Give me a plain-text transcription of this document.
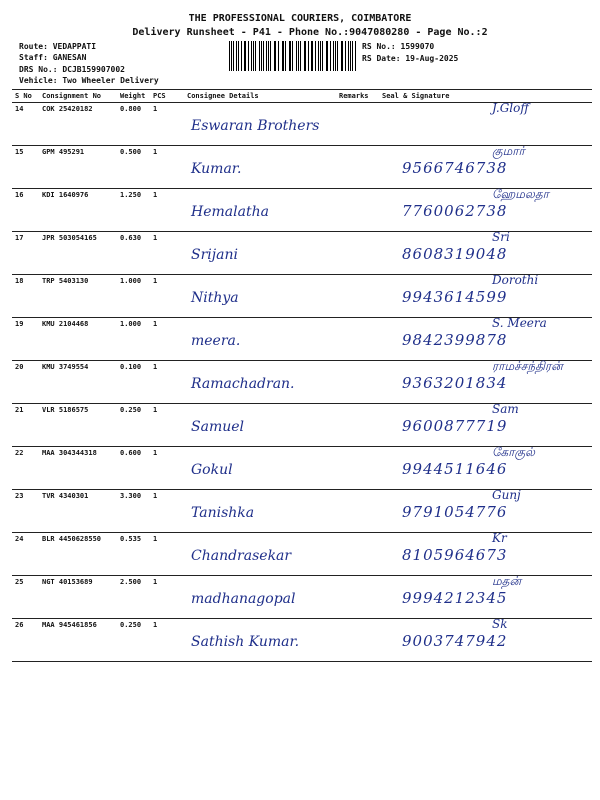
THE PROFESSIONAL COURIERS, COIMBATORE
Delivery Runsheet - P41 - Phone No.:9047080280 - Page No.:2
Route: VEDAPPATI
Staff: GANESAN
DRS No.: DCJB159907002
Vehicle: Two Wheeler Delivery
RS No.: 1599070
RS Date: 19-Aug-2025
S No	Consignment No	Weight	PCS	Consignee Details	Remarks	Seal & Signature
14	COK 25420182	0.800	1	Eswaran Brothers		J.Gloff

15	GPM 495291	0.500	1	Kumar.		குமார்
9566746738

16	KDI 1640976	1.250	1	Hemalatha		ஹேமலதா
7760062738

17	JPR 503054165	0.630	1	Srijani		Sri
8608319048

18	TRP 5403130	1.000	1	Nithya		Dorothi
9943614599

19	KMU 2104468	1.000	1	meera.		S. Meera
9842399878

20	KMU 3749554	0.100	1	Ramachadran.		ராமச்சந்திரன்
9363201834

21	VLR 5186575	0.250	1	Samuel		Sam
9600877719

22	MAA 304344318	0.600	1	Gokul		கோகுல்
9944511646

23	TVR 4340301	3.300	1	Tanishka		Gunj
9791054776

24	BLR 4450628550	0.535	1	Chandrasekar		Kr
8105964673

25	NGT 40153689	2.500	1	madhanagopal		மதன்
9994212345

26	MAA 945461856	0.250	1	Sathish Kumar.		Sk
9003747942
